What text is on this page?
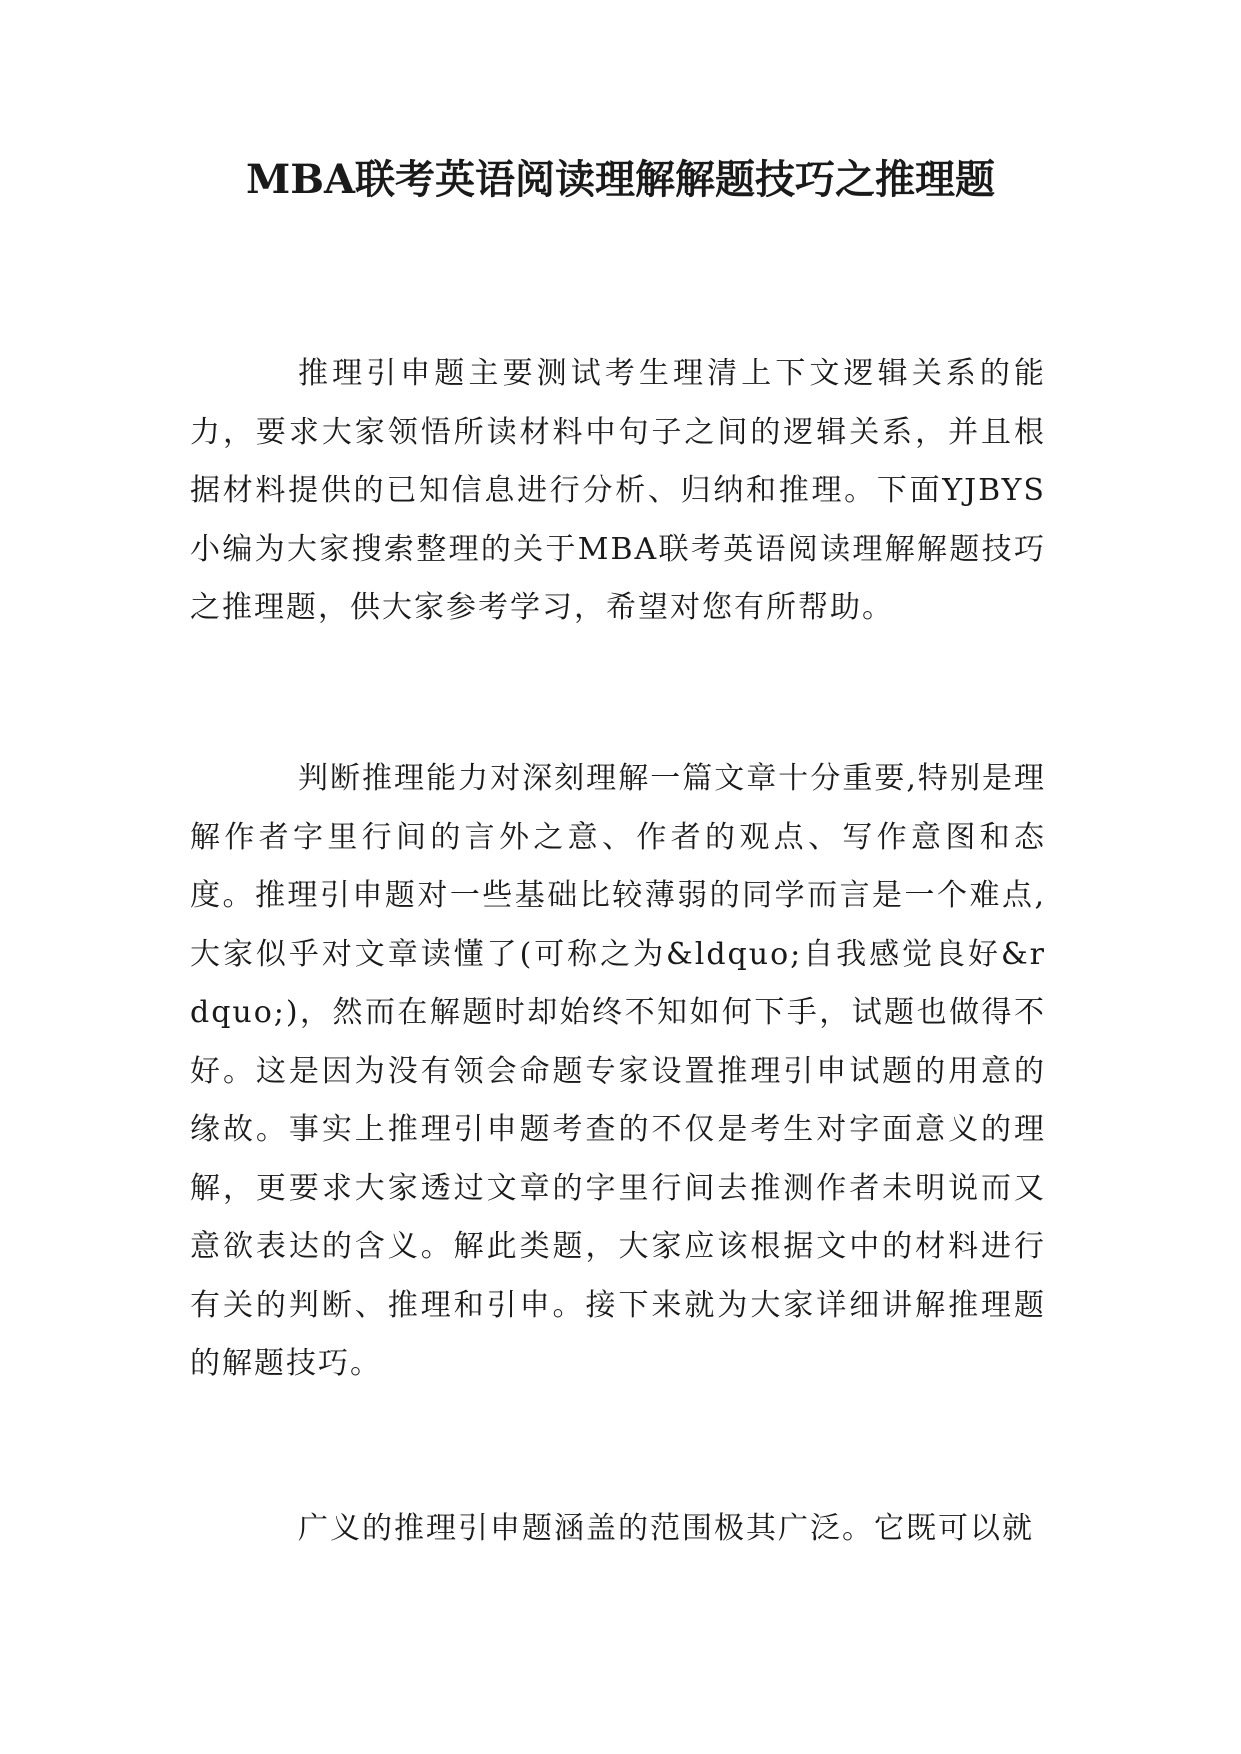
MBA联考英语阅读理解解题技巧之推理题

推理引申题主要测试考生理清上下文逻辑关系的能力，要求大家领悟所读材料中句子之间的逻辑关系，并且根据材料提供的已知信息进行分析、归纳和推理。下面YJBYS小编为大家搜索整理的关于MBA联考英语阅读理解解题技巧之推理题，供大家参考学习，希望对您有所帮助。

判断推理能力对深刻理解一篇文章十分重要,特别是理解作者字里行间的言外之意、作者的观点、写作意图和态度。推理引申题对一些基础比较薄弱的同学而言是一个难点,大家似乎对文章读懂了(可称之为&ldquo;自我感觉良好&rdquo;)，然而在解题时却始终不知如何下手，试题也做得不好。这是因为没有领会命题专家设置推理引申试题的用意的缘故。事实上推理引申题考查的不仅是考生对字面意义的理解，更要求大家透过文章的字里行间去推测作者未明说而又意欲表达的含义。解此类题，大家应该根据文中的材料进行有关的判断、推理和引申。接下来就为大家详细讲解推理题的解题技巧。

广义的推理引申题涵盖的范围极其广泛。它既可以就
